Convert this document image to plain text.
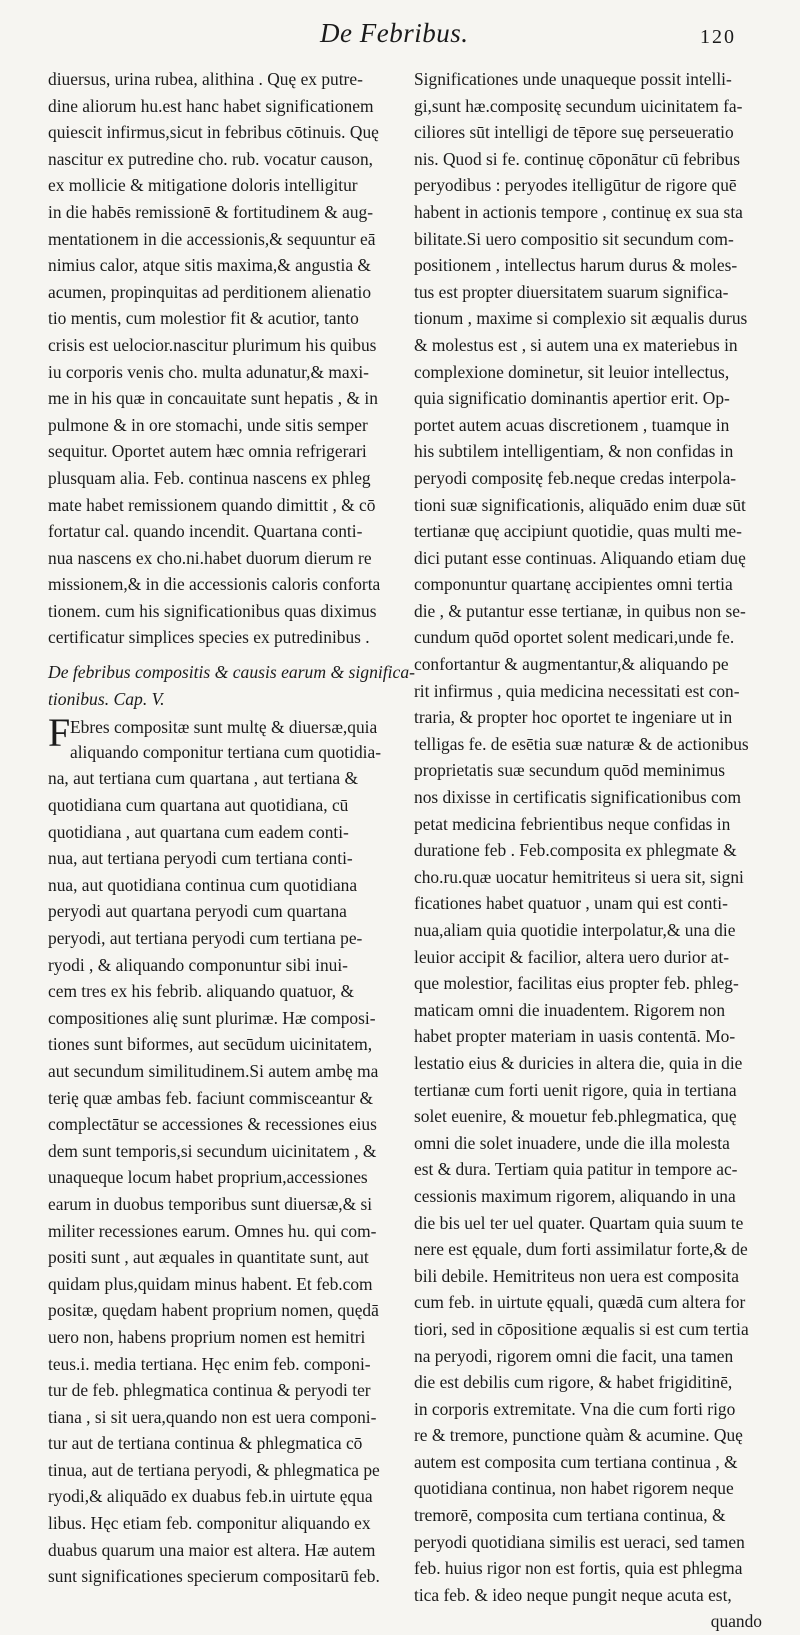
De Febribus.	120
diuersus, urina rubea, alithina . Quę ex putre-
dine aliorum hu.est hanc habet significationem
quiescit infirmus,sicut in febribus cōtinuis. Quę
nascitur ex putredine cho. rub. vocatur causon,
ex mollicie & mitigatione doloris intelligitur
in die habēs remissionē & fortitudinem & aug-
mentationem in die accessionis,& sequuntur eā
nimius calor, atque sitis maxima,& angustia &
acumen, propinquitas ad perditionem alienatio
tio mentis, cum molestior fit & acutior, tanto
crisis est uelocior.nascitur plurimum his quibus
iu corporis venis cho. multa adunatur,& maxi-
me in his quæ in concauitate sunt hepatis , & in
pulmone & in ore stomachi, unde sitis semper
sequitur. Oportet autem hæc omnia refrigerari
plusquam alia. Feb. continua nascens ex phleg
mate habet remissionem quando dimittit , & cō
fortatur cal. quando incendit. Quartana conti-
nua nascens ex cho.ni.habet duorum dierum re
missionem,& in die accessionis caloris conforta
tionem. cum his significationibus quas diximus
certificatur simplices species ex putredinibus .
De febribus compositis & causis earum & significa-
tionibus. Cap. V.
F Ebres compositæ sunt multę & diuersæ,quia
aliquando componitur tertiana cum quotidia-
na, aut tertiana cum quartana , aut tertiana &
quotidiana cum quartana aut quotidiana, cū
quotidiana , aut quartana cum eadem conti-
nua, aut tertiana peryodi cum tertiana conti-
nua, aut quotidiana continua cum quotidiana
peryodi aut quartana peryodi cum quartana
peryodi, aut tertiana peryodi cum tertiana pe-
ryodi , & aliquando componuntur sibi inui-
cem tres ex his febrib. aliquando quatuor, &
compositiones alię sunt plurimæ. Hæ composi-
tiones sunt biformes, aut secūdum uicinitatem,
aut secundum similitudinem.Si autem ambę ma
terię quæ ambas feb. faciunt commisceantur &
complectātur se accessiones & recessiones eius
dem sunt temporis,si secundum uicinitatem , &
unaqueque locum habet proprium,accessiones
earum in duobus temporibus sunt diuersæ,& si
militer recessiones earum. Omnes hu. qui com-
positi sunt , aut æquales in quantitate sunt, aut
quidam plus,quidam minus habent. Et feb.com
positæ, quędam habent proprium nomen, quędā
uero non, habens proprium nomen est hemitri
teus.i. media tertiana. Hęc enim feb. componi-
tur de feb. phlegmatica continua & peryodi ter
tiana , si sit uera,quando non est uera componi-
tur aut de tertiana continua & phlegmatica cō
tinua, aut de tertiana peryodi, & phlegmatica pe
ryodi,& aliquādo ex duabus feb.in uirtute ęqua
libus. Hęc etiam feb. componitur aliquando ex
duabus quarum una maior est altera. Hæ autem
sunt significationes specierum compositarū feb.
Significationes unde unaqueque possit intelli-
gi,sunt hæ.compositę secundum uicinitatem fa-
ciliores sūt intelligi de tēpore suę perseueratio
nis. Quod si fe. continuę cōponātur cū febribus
peryodibus : peryodes itelligūtur de rigore quē
habent in actionis tempore , continuę ex sua sta
bilitate.Si uero compositio sit secundum com-
positionem , intellectus harum durus & moles-
tus est propter diuersitatem suarum significa-
tionum , maxime si complexio sit æqualis durus
& molestus est , si autem una ex materiebus in
complexione dominetur, sit leuior intellectus,
quia significatio dominantis apertior erit. Op-
portet autem acuas discretionem , tuamque in
his subtilem intelligentiam, & non confidas in
peryodi compositę feb.neque credas interpola-
tioni suæ significationis, aliquādo enim duæ sūt
tertianæ quę accipiunt quotidie, quas multi me-
dici putant esse continuas. Aliquando etiam duę
componuntur quartanę accipientes omni tertia
die , & putantur esse tertianæ, in quibus non se-
cundum quōd oportet solent medicari,unde fe.
confortantur & augmentantur,& aliquando pe
rit infirmus , quia medicina necessitati est con-
traria, & propter hoc oportet te ingeniare ut in
telligas fe. de esētia suæ naturæ & de actionibus
proprietatis suæ secundum quōd meminimus
nos dixisse in certificatis significationibus com
petat medicina febrientibus neque confidas in
duratione feb . Feb.composita ex phlegmate &
cho.ru.quæ uocatur hemitriteus si uera sit, signi
ficationes habet quatuor , unam qui est conti-
nua,aliam quia quotidie interpolatur,& una die
leuior accipit & facilior, altera uero durior at-
que molestior, facilitas eius propter feb. phleg-
maticam omni die inuadentem. Rigorem non
habet propter materiam in uasis contentā. Mo-
lestatio eius & duricies in altera die, quia in die
tertianæ cum forti uenit rigore, quia in tertiana
solet euenire, & mouetur feb.phlegmatica, quę
omni die solet inuadere, unde die illa molesta
est & dura. Tertiam quia patitur in tempore ac-
cessionis maximum rigorem, aliquando in una
die bis uel ter uel quater. Quartam quia suum te
nere est ęquale, dum forti assimilatur forte,& de
bili debile. Hemitriteus non uera est composita
cum feb. in uirtute ęquali, quædā cum altera for
tiori, sed in cōpositione æqualis si est cum tertia
na peryodi, rigorem omni die facit, una tamen
die est debilis cum rigore, & habet frigiditinē,
in corporis extremitate. Vna die cum forti rigo
re & tremore, punctione quàm & acumine. Quę
autem est composita cum tertiana continua , &
quotidiana continua, non habet rigorem neque
tremorē, composita cum tertiana continua, &
peryodi quotidiana similis est ueraci, sed tamen
feb. huius rigor non est fortis, quia est phlegma
tica feb. & ideo neque pungit neque acuta est,
quando
